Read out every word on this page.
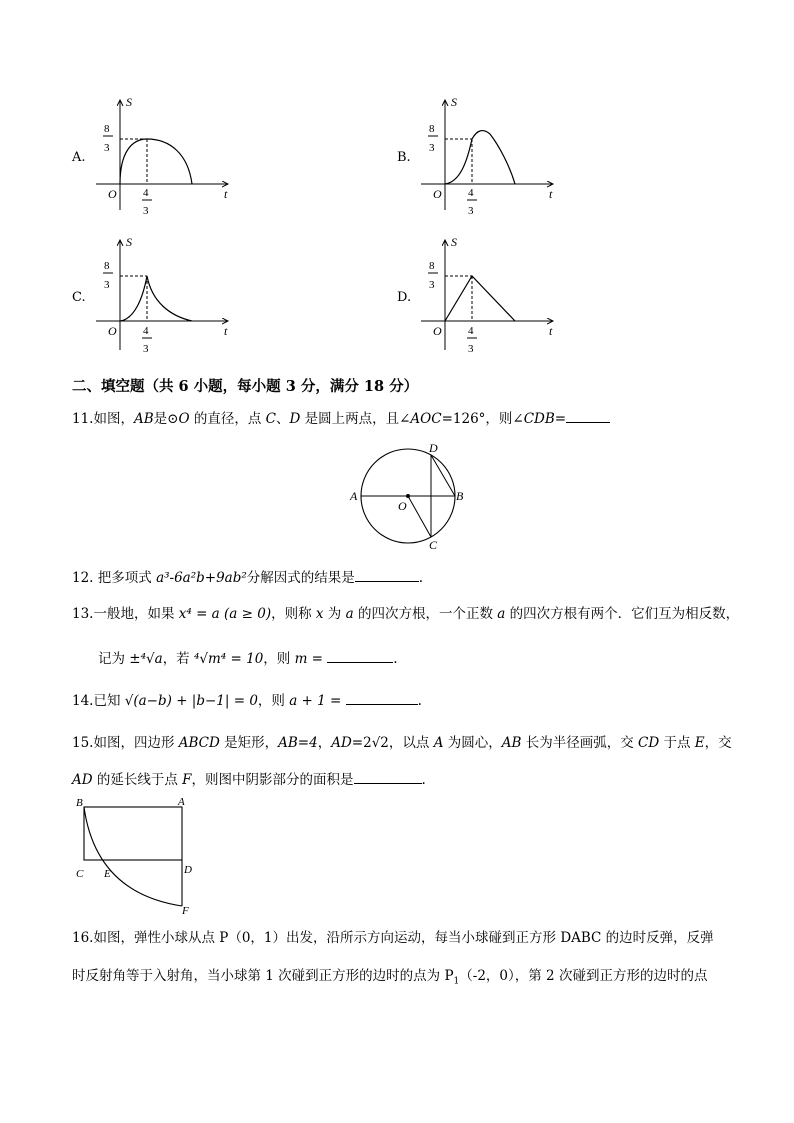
A.
S
t
O
8
3
4
3
B.
S
t
O
8
3
4
3
C.
S
t
O
8
3
4
3
D.
S
t
O
8
3
4
3
二、填空题（共 6 小题，每小题 3 分，满分 18 分）
11.如图，AB是⊙O 的直径，点 C、D 是圆上两点，且∠AOC=126°，则∠CDB=
A	B
C
D
O
12. 把多项式 a³-6a²b+9ab²分解因式的结果是	.
13.一般地，如果 x⁴ = a (a ≥ 0)，则称 x 为 a 的四次方根，一个正数 a 的四次方根有两个．它们互为相反数，
记为 ±⁴√a，若 ⁴√m⁴ = 10，则 m =	.
14.已知 √(a−b) + |b−1| = 0，则 a + 1 =	.
15.如图，四边形 ABCD 是矩形，AB=4，AD=2√2，以点 A 为圆心，AB 长为半径画弧，交 CD 于点 E，交
AD 的延长线于点 F，则图中阴影部分的面积是	.
B	A
C E	D
F
16.如图，弹性小球从点 P（0，1）出发，沿所示方向运动，每当小球碰到正方形 DABC 的边时反弹，反弹
时反射角等于入射角，当小球第 1 次碰到正方形的边时的点为 $P_1(-2$，0），第 2 次碰到正方形的边时的点
